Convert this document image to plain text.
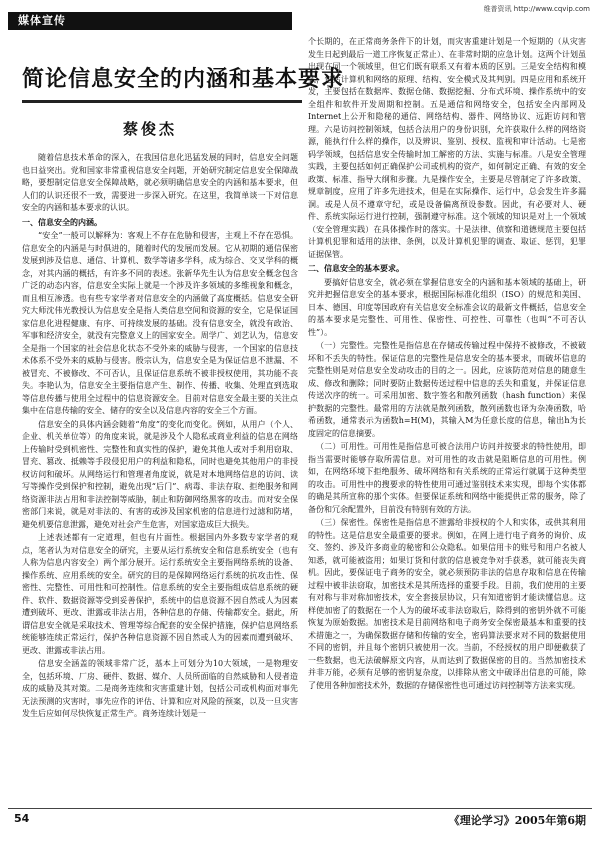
维普资讯 http://www.cqvip.com
媒体宣传
简论信息安全的内涵和基本要求
蔡俊杰

随着信息技术革命的深入，在我国信息化迅猛发展的同时，信息安全问题也日益突出。党和国家非常重视信息安全问题，开始研究制定信息安全保障战略，要想制定信息安全保障战略，就必须明确信息安全的内涵和基本要求，但人们的认识还很不一致，需要进一步深入研究。在这里，我简单谈一下对信息安全的内涵和基本要求的认识。

一、信息安全的内涵。

“安全”一般可以解释为：客观上不存在危胁和侵害，主观上不存在恐惧。信息安全的内涵是与时俱进的，随着时代的发展而发展。它从初期的通信保密发展到涉及信息、通信、计算机、数学等诸多学科，成为综合、交叉学科的概念，对其内涵的概括，有许多不同的表述。张新华先生认为信息安全概念包含广泛的动态内容，信息安全实际上就是一个涉及许多领域的多维视象和概念，而且相互渗透。也有些专家学者对信息安全的内涵做了高度概括。信息安全研究大师沈伟光教授认为信息安全是指人类信息空间和资源的安全，它是保证国家信息化进程健康、有序、可持续发展的基础。没有信息安全，就没有政治、军事和经济安全，就没有完整意义上的国家安全。周学广、刘艺认为，信息安全是指一个国家的社会信息化状态不受外来的威胁与侵害，一个国家的信息技术体系不受外来的威胁与侵害。殷宗认为，信息安全是为保证信息不泄漏、不被冒充、不被修改、不可否认，且保证信息系统不被非授权使用，其功能不丧失。李艳认为，信息安全主要指信息产生、制作、传播、收集、处理直到选取等信息传播与使用全过程中的信息资源安全。目前对信息安全最主要的关注点集中在信息传输的安全、储存的安全以及信息内容的安全三个方面。

信息安全的具体内涵会随着“角度”的变化而变化。例如，从用户（个人、企业、机关单位等）的角度来说，就是涉及个人隐私或商业利益的信息在网络上传输时受到机密性、完整性和真实性的保护，避免其他人或对手利用窃取、冒充、篡改、抵赖等手段侵犯用户的利益和隐私，同时也避免其他用户的非授权访问和破坏。从网络运行和管理者角度说，就是对本地网络信息的访问、读写等操作受到保护和控制，避免出现“后门”、病毒、非法存取、拒绝服务和网络资源非法占用和非法控制等威胁，制止和防御网络黑客的攻击。而对安全保密部门来说，就是对非法的、有害的或涉及国家机密的信息进行过滤和防堵，避免机要信息泄露，避免对社会产生危害，对国家造成巨大损失。

上述表述都有一定道理，但也有片面性。根据国内外多数专家学者的观点，笔者认为对信息安全的研究，主要从运行系统安全和信息系统安全（也有人称为信息内容安全）两个部分展开。运行系统安全主要指网络系统的设备、操作系统、应用系统的安全。研究的目的是保障网络运行系统的抗攻击性、保密性、完整性、可用性和可控制性。信息系统的安全主要指组成信息系统的硬件、软件、数据资源等受到妥善保护，系统中的信息资源不因自然或人为因素遭到破坏、更改、泄露或非法占用，各种信息的存储、传输都安全。据此，所谓信息安全就是采取技术、管理等综合配套的安全保护措施，保护信息网络系统能够连续正常运行，保护各种信息资源不因自然或人为的因素而遭到破坏、更改、泄露或非法占用。

信息安全涵盖的领域非常广泛，基本上可划分为10大领域，一是物理安全，包括环境、厂房、硬件、数据、媒介、人员所面临的自然威胁和人侵者造成的威胁及其对策。二是商务连续和灾害重建计划，包括公司或机构面对事先无法预测的灾害时，事先应作的评估、计算和应对风险的预案，以及一旦灾害发生后应如何尽快恢复正常生产。商务连续计划是一

个长期的，在正常商务条件下的计划，而灾害重建计划是一个短期的（从灾害发生日起到最后一道工序恢复正常止）、在非常时期的应急计划。这两个计划虽出现在同一个领域里，但它们既有联系又有着本质的区别。三是安全结构和模式，包括计算机和网络的原理、结构、安全模式及其判别。四是应用和系统开发，主要包括在数据库、数据仓储、数据挖掘、分布式环境、操作系统中的安全组件和软件开发周期和控制。五是通信和网络安全，包括安全内部网及Internet上公开和隐秘的通信、网络结构、器件、网络协议、远距访问和管理。六是访问控制领域，包括合法用户的身份识别，允许获取什么样的网络资源，能执行什么样的操作，以及辨识、鉴别、授权、监视和审计活动。七是密码学领域，包括信息安全传输时加工解密的方法、实施与标准。八是安全管理实践，主要包括如何正确保护公司或机构的资产，如何制定正确、有效的安全政策、标准、指导大纲和步骤。九是操作安全，主要是尽管制定了许多政策、规章制度，应用了许多先进技术，但是在实际操作、运行中，总会发生许多漏洞。或是人员不遵章守纪，或是设备偏离预设参数。因此，有必要对人、硬件、系统实际运行进行控制，强制遵守标准。这个领域的知识是对上一个领域（安全管理实践）在具体操作时的落实。十是法律、侦察和道德规范主要包括计算机犯罪和适用的法律、条例，以及计算机犯罪的调查、取证、惩罚，犯罪证据保管。

二、信息安全的基本要求。

要搞好信息安全，就必须在掌握信息安全的内涵和基本领域的基础上，研究并把握信息安全的基本要求，根据国际标准化组织（ISO）的规范和美国、日本、德国、印度等国政府有关信息安全标准会议的最新文件概括，信息安全的基本要求是完整性、可用性、保密性、可控性、可靠性（也叫“不可否认性”）。

（一）完整性。完整性是指信息在存储或传输过程中保持不被修改，不被破坏和不丢失的特性。保证信息的完整性是信息安全的基本要求，而破坏信息的完整性则是对信息安全发动攻击的目的之一。因此，应该防范对信息的随意生成、修改和删除；同时要防止数据传送过程中信息的丢失和重复，并保证信息传送次序的统一。可采用加密、数字签名和散列函数（hash function）来保护数据的完整性。最常用的方法就是散列函数，散列函数也译为杂凑函数，哈希函数，通常表示为函数h=H(M)，其输入M为任意长度的信息，输出h为长度固定的信息摘要。

（二）可用性。可用性是指信息可被合法用户访问并按要求的特性使用，即指当需要时能够存取所需信息。对可用性的攻击就是阻断信息的可用性。例如，在网络环境下拒绝服务、破坏网络和有关系统的正常运行就属于这种类型的攻击。可用性中的搜要求的特性使用可通过鉴别技术来实现，即每个实体都的确是其所宣称的那个实体。但要保证系统和网络中能提供正常的服务，除了备份和冗余配置外，目前没有特别有效的方法。

（三）保密性。保密性是指信息不泄露给非授权的个人和实体，或供其利用的特性。这是信息安全最重要的要求。例如，在网上进行电子商务的询价、成交、签约、涉及许多商业的秘密和公众隐私。如果信用卡的账号和用户名被人知悉，就可能被盗用；如果订货和付款的信息被竞争对手获悉，就可能丧失商机。因此，要保证电子商务的安全，就必须预防非法的信息存取和信息在传输过程中被非法窃取，加密技术是其所选择的重要手段。目前，我们使用的主要有对称与非对称加密技术，安全套接层协议，只有知道密钥才能读懂信息。这样使加密了的数据在一个人为的破坏或非法窃取后，除得到的密钥外就不可能恢复为原始数据。加密技术是目前网络和电子商务安全保密最基本和重要的技术措施之一，为确保数据存储和传输的安全，密码算法要求对不同的数据使用不同的密钥，并且每个密钥只被使用一次。当前，不经授权的用户即便截获了一些数据，也无法破解原文内容，从而达到了数据保密的目的。当然加密技术并非万能，必须有足够的密钥复杂度，以排除从密文中破译出信息的可能，除了使用各种加密技术外，数据的存储保密性也可通过访问控制等方法来实现。

54	《理论学习》2005年第6期
